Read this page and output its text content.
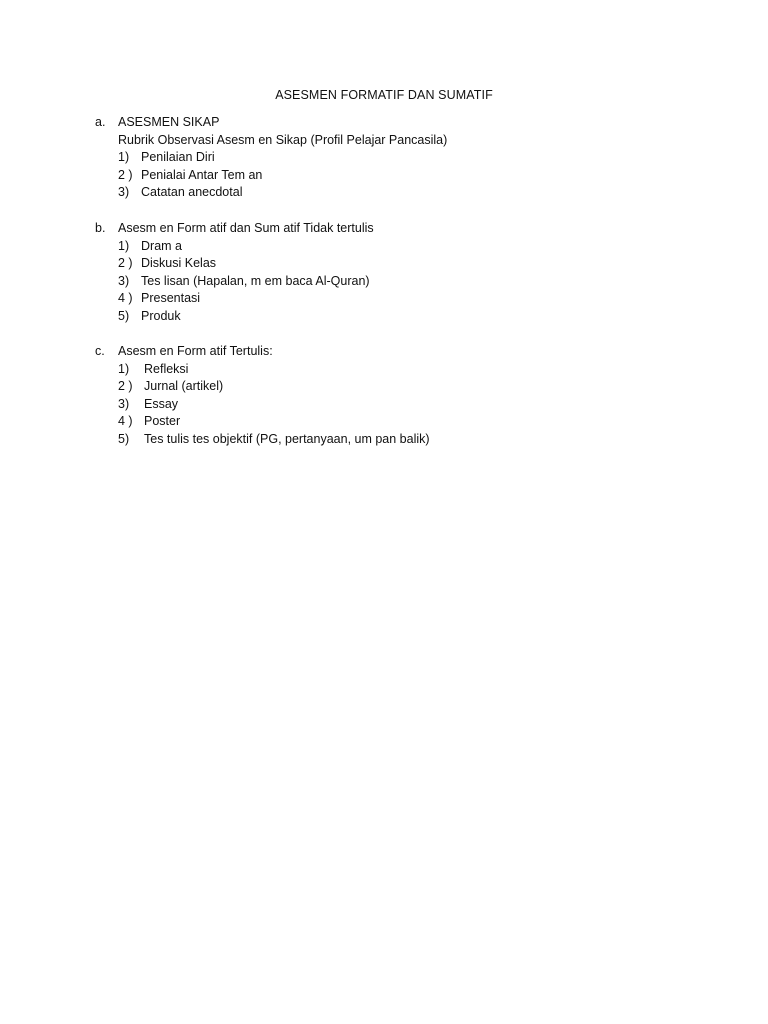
ASESMEN FORMATIF DAN SUMATIF
a.	ASESMEN SIKAP
Rubrik Observasi Asesm en Sikap (Profil Pelajar Pancasila)
1) Penilaian Diri
2 ) Penialai Antar Tem an
3) Catatan anecdotal
b.	Asesm en Form atif dan Sum atif Tidak tertulis
1) Dram a
2 ) Diskusi Kelas
3) Tes lisan (Hapalan, m em baca Al-Quran)
4 ) Presentasi
5) Produk
c.	Asesm en Form atif Tertulis:
1)	Refleksi
2 ) Jurnal (artikel)
3)	Essay
4 ) Poster
5)	Tes tulis tes objektif (PG, pertanyaan, um pan balik)
